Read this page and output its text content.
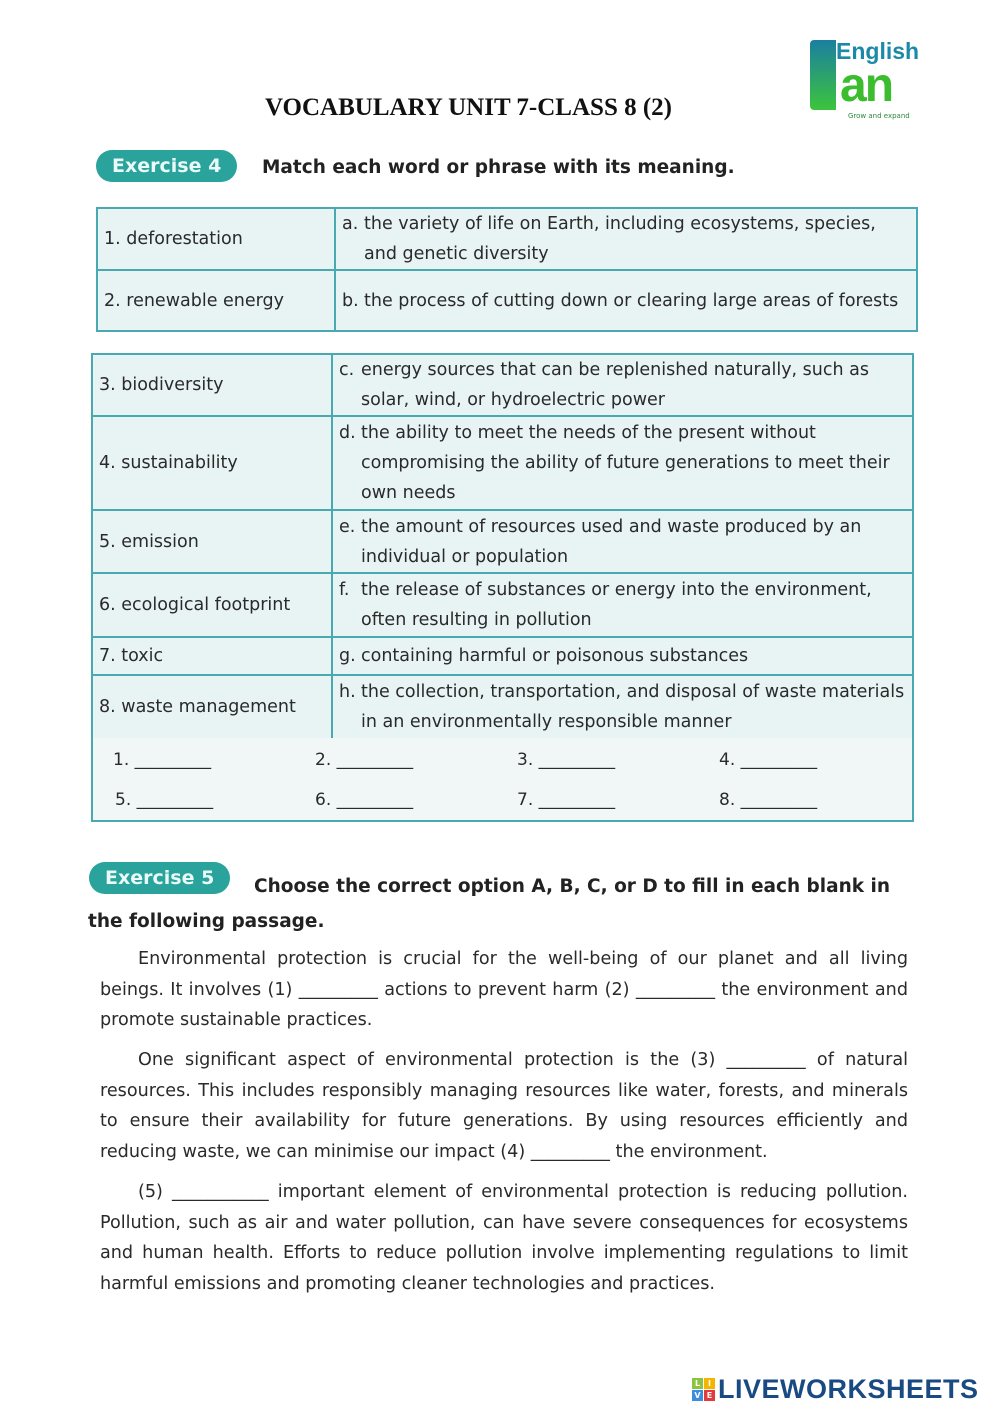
VOCABULARY UNIT 7-CLASS 8 (2)
English
an
Grow and expand
Exercise 4	Match each word or phrase with its meaning.
1. deforestation	a. the variety of life on Earth, including ecosystems, species, and genetic diversity

2. renewable energy	b. the process of cutting down or clearing large areas of forests
3. biodiversity	c. energy sources that can be replenished naturally, such as solar, wind, or hydroelectric power

4. sustainability	d. the ability to meet the needs of the present without compromising the ability of future generations to meet their own needs

5. emission	e. the amount of resources used and waste produced by an individual or population

6. ecological footprint	f. the release of substances or energy into the environment, often resulting in pollution

7. toxic	g. containing harmful or poisonous substances

8. waste management	h. the collection, transportation, and disposal of waste materials in an environmentally responsible manner
1. _________	2. _________	3. _________	4. _________
5. _________	6. _________	7. _________	8. _________
Exercise 5	Choose the correct option A, B, C, or D to fill in each blank in the following passage.
Environmental protection is crucial for the well-being of our planet and all living beings. It involves (1) _________ actions to prevent harm (2) _________ the environment and promote sustainable practices.
One significant aspect of environmental protection is the (3) _________ of natural resources. This includes responsibly managing resources like water, forests, and minerals to ensure their availability for future generations. By using resources efficiently and reducing waste, we can minimise our impact (4) _________ the environment.
(5) ___________ important element of environmental protection is reducing pollution. Pollution, such as air and water pollution, can have severe consequences for ecosystems and human health. Efforts to reduce pollution involve implementing regulations to limit harmful emissions and promoting cleaner technologies and practices.
L I
V E LIVEWORKSHEETS
